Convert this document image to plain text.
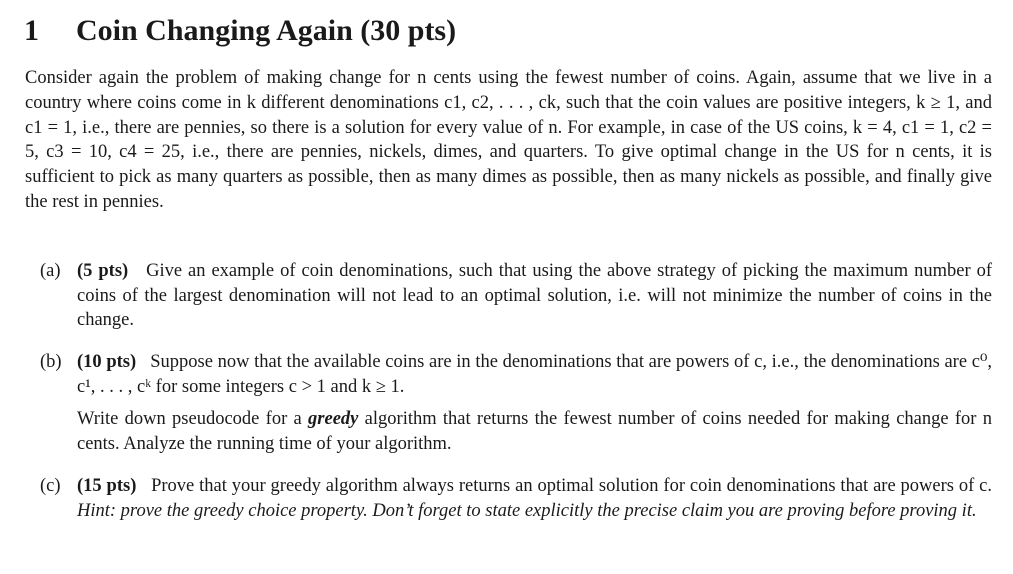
1 Coin Changing Again (30 pts)

Consider again the problem of making change for n cents using the fewest number of coins. Again, assume that we live in a country where coins come in k different denominations c1, c2, . . . , ck, such that the coin values are positive integers, k ≥ 1, and c1 = 1, i.e., there are pennies, so there is a solution for every value of n. For example, in case of the US coins, k = 4, c1 = 1, c2 = 5, c3 = 10, c4 = 25, i.e., there are pennies, nickels, dimes, and quarters. To give optimal change in the US for n cents, it is sufficient to pick as many quarters as possible, then as many dimes as possible, then as many nickels as possible, and finally give the rest in pennies.

(a) (5 pts) Give an example of coin denominations, such that using the above strategy of picking the maximum number of coins of the largest denomination will not lead to an optimal solution, i.e. will not minimize the number of coins in the change.

(b) (10 pts) Suppose now that the available coins are in the denominations that are powers of c, i.e., the denominations are c⁰, c¹, . . . , cᵏ for some integers c > 1 and k ≥ 1.

Write down pseudocode for a greedy algorithm that returns the fewest number of coins needed for making change for n cents. Analyze the running time of your algorithm.

(c) (15 pts) Prove that your greedy algorithm always returns an optimal solution for coin denominations that are powers of c. Hint: prove the greedy choice property. Don’t forget to state explicitly the precise claim you are proving before proving it.
